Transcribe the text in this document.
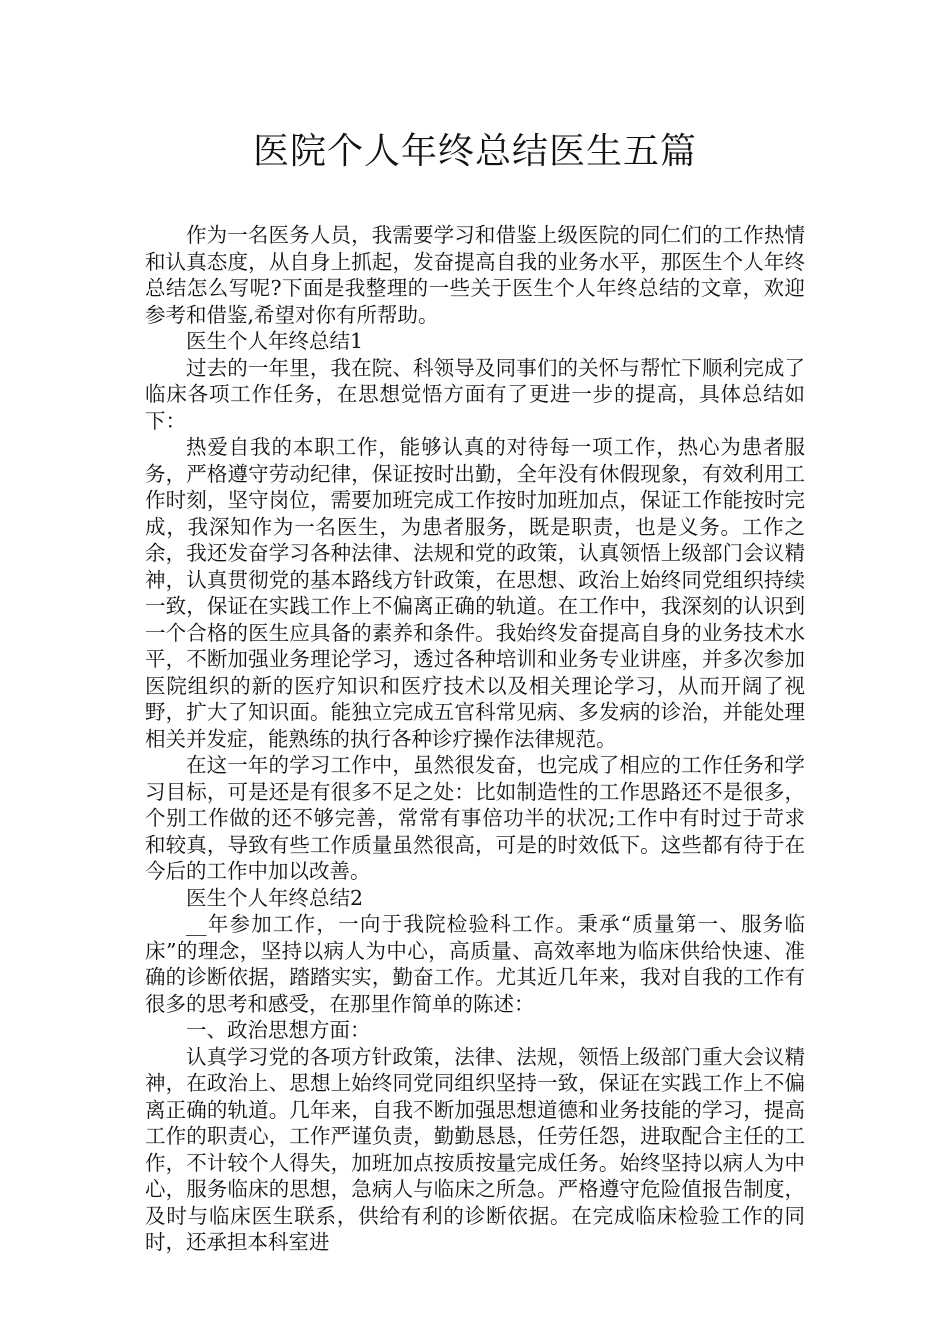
医院个人年终总结医生五篇

作为一名医务人员，我需要学习和借鉴上级医院的同仁们的工作热情和认真态度，从自身上抓起，发奋提高自我的业务水平，那医生个人年终总结怎么写呢?下面是我整理的一些关于医生个人年终总结的文章，欢迎参考和借鉴,希望对你有所帮助。

医生个人年终总结1

过去的一年里，我在院、科领导及同事们的关怀与帮忙下顺利完成了临床各项工作任务，在思想觉悟方面有了更进一步的提高，具体总结如下：

热爱自我的本职工作，能够认真的对待每一项工作，热心为患者服务，严格遵守劳动纪律，保证按时出勤，全年没有休假现象，有效利用工作时刻，坚守岗位，需要加班完成工作按时加班加点，保证工作能按时完成，我深知作为一名医生，为患者服务，既是职责，也是义务。工作之余，我还发奋学习各种法律、法规和党的政策，认真领悟上级部门会议精神，认真贯彻党的基本路线方针政策，在思想、政治上始终同党组织持续一致，保证在实践工作上不偏离正确的轨道。在工作中，我深刻的认识到一个合格的医生应具备的素养和条件。我始终发奋提高自身的业务技术水平，不断加强业务理论学习，透过各种培训和业务专业讲座，并多次参加医院组织的新的医疗知识和医疗技术以及相关理论学习，从而开阔了视野，扩大了知识面。能独立完成五官科常见病、多发病的诊治，并能处理相关并发症，能熟练的执行各种诊疗操作法律规范。

在这一年的学习工作中，虽然很发奋，也完成了相应的工作任务和学习目标，可是还是有很多不足之处：比如制造性的工作思路还不是很多，个别工作做的还不够完善，常常有事倍功半的状况;工作中有时过于苛求和较真，导致有些工作质量虽然很高，可是的时效低下。这些都有待于在今后的工作中加以改善。

医生个人年终总结2

__年参加工作，一向于我院检验科工作。秉承“质量第一、服务临床”的理念，坚持以病人为中心，高质量、高效率地为临床供给快速、准确的诊断依据，踏踏实实，勤奋工作。尤其近几年来，我对自我的工作有很多的思考和感受，在那里作简单的陈述：

一、政治思想方面：

认真学习党的各项方针政策，法律、法规，领悟上级部门重大会议精神，在政治上、思想上始终同党同组织坚持一致，保证在实践工作上不偏离正确的轨道。几年来，自我不断加强思想道德和业务技能的学习，提高工作的职责心，工作严谨负责，勤勤恳恳，任劳任怨，进取配合主任的工作，不计较个人得失，加班加点按质按量完成任务。始终坚持以病人为中心，服务临床的思想，急病人与临床之所急。严格遵守危险值报告制度，及时与临床医生联系，供给有利的诊断依据。在完成临床检验工作的同时，还承担本科室进
